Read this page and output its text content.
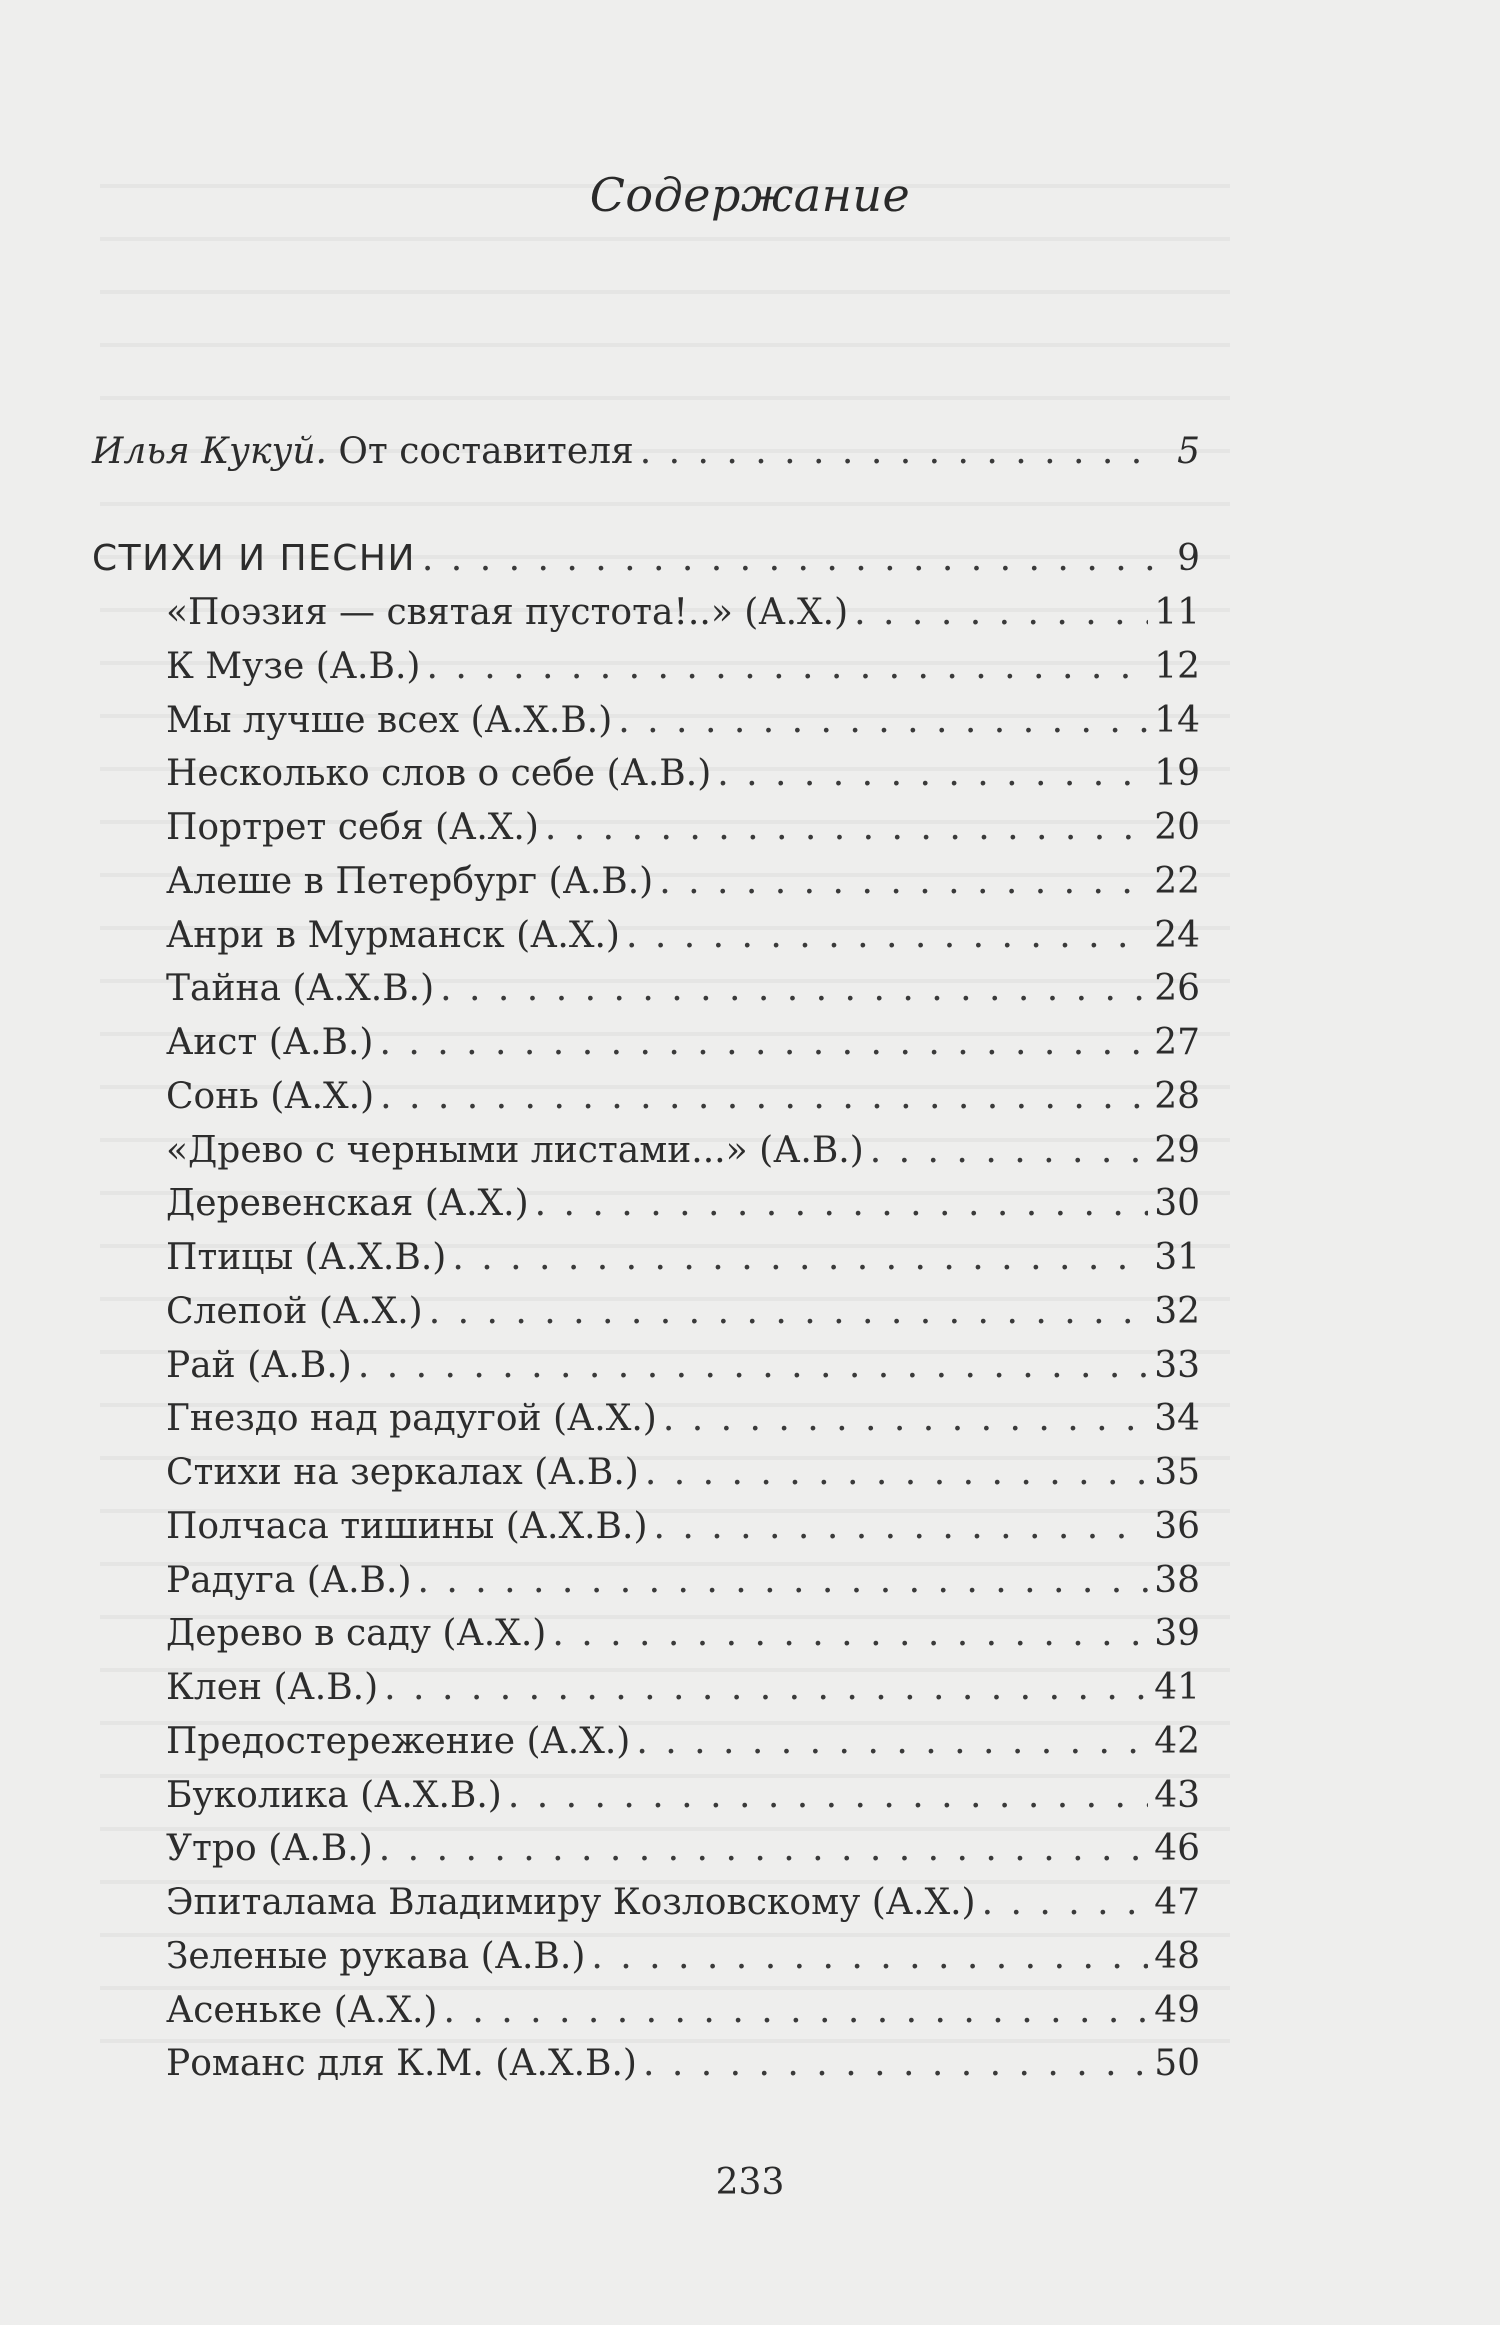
Содержание
Илья Кукуй. От составителя . . .	5
СТИХИ И ПЕСНИ . . .	9
«Поэзия — святая пустота!..» (А.Х.) . . .	11
К Музе (А.В.) . . .	12
Мы лучше всех (А.Х.В.) . . .	14
Несколько слов о себе (А.В.) . . .	19
Портрет себя (А.Х.) . . .	20
Алеше в Петербург (А.В.) . . .	22
Анри в Мурманск (А.Х.) . . .	24
Тайна (А.Х.В.) . . .	26
Аист (А.В.) . . .	27
Сонь (А.Х.) . . .	28
«Древо с черными листами...» (А.В.) . . .	29
Деревенская (А.Х.) . . .	30
Птицы (А.Х.В.) . . .	31
Слепой (А.Х.) . . .	32
Рай (А.В.) . . .	33
Гнездо над радугой (А.Х.) . . .	34
Стихи на зеркалах (А.В.) . . .	35
Полчаса тишины (А.Х.В.) . . .	36
Радуга (А.В.) . . .	38
Дерево в саду (А.Х.) . . .	39
Клен (А.В.) . . .	41
Предостережение (А.Х.) . . .	42
Буколика (А.Х.В.) . . .	43
Утро (А.В.) . . .	46
Эпиталама Владимиру Козловскому (А.Х.) . . .	47
Зеленые рукава (А.В.) . . .	48
Асеньке (А.Х.) . . .	49
Романс для К.М. (А.Х.В.) . . .	50
233
